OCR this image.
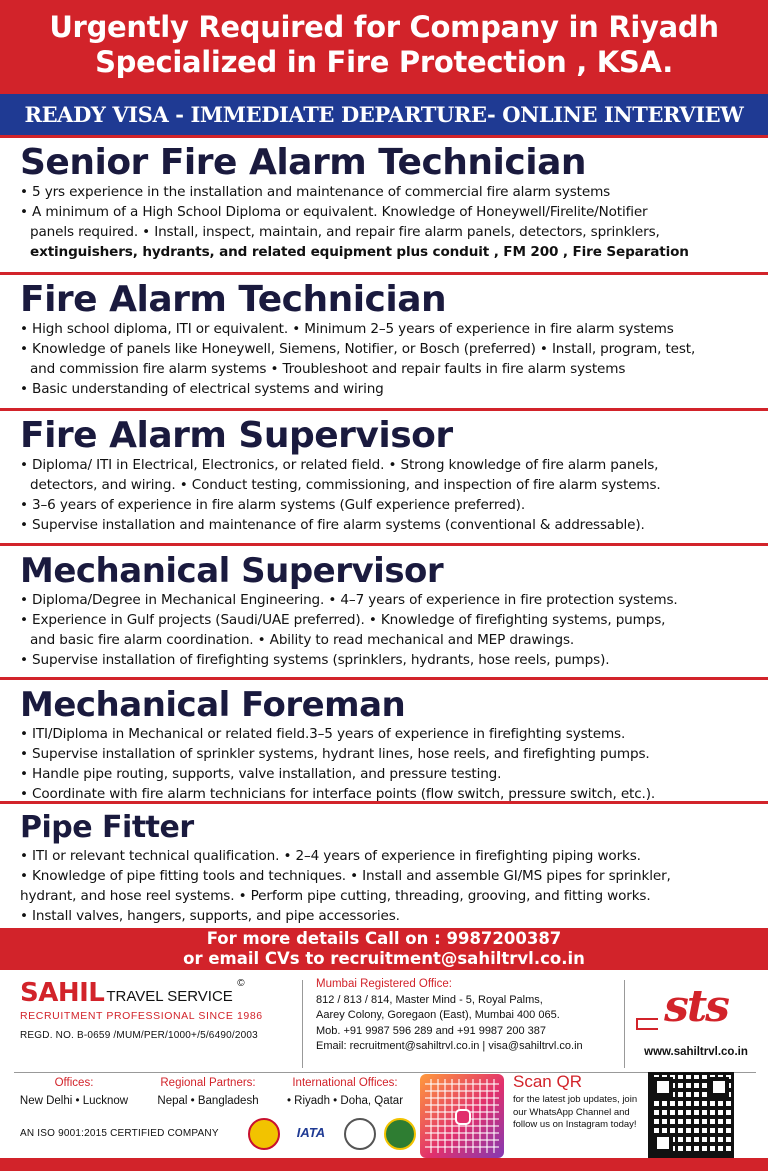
Urgently Required for Company in Riyadh
Specialized in Fire Protection , KSA.
READY VISA - IMMEDIATE DEPARTURE- ONLINE INTERVIEW
Senior Fire Alarm Technician
• 5 yrs experience in the installation and maintenance of commercial fire alarm systems
• A minimum of a High School Diploma or equivalent. Knowledge of Honeywell/Firelite/Notifier
panels required. • Install, inspect, maintain, and repair fire alarm panels, detectors, sprinklers,
extinguishers, hydrants, and related equipment plus conduit , FM 200 , Fire Separation
Fire Alarm Technician
• High school diploma, ITI or equivalent. • Minimum 2–5 years of experience in fire alarm systems
• Knowledge of panels like Honeywell, Siemens, Notifier, or Bosch (preferred) • Install, program, test,
and commission fire alarm systems • Troubleshoot and repair faults in fire alarm systems
• Basic understanding of electrical systems and wiring
Fire Alarm Supervisor
• Diploma/ ITI in Electrical, Electronics, or related field. • Strong knowledge of fire alarm panels,
detectors, and wiring. • Conduct testing, commissioning, and inspection of fire alarm systems.
• 3–6 years of experience in fire alarm systems (Gulf experience preferred).
• Supervise installation and maintenance of fire alarm systems (conventional & addressable).
Mechanical Supervisor
• Diploma/Degree in Mechanical Engineering. • 4–7 years of experience in fire protection systems.
• Experience in Gulf projects (Saudi/UAE preferred). • Knowledge of firefighting systems, pumps,
and basic fire alarm coordination. • Ability to read mechanical and MEP drawings.
• Supervise installation of firefighting systems (sprinklers, hydrants, hose reels, pumps).
Mechanical Foreman
• ITI/Diploma in Mechanical or related field.3–5 years of experience in firefighting systems.
• Supervise installation of sprinkler systems, hydrant lines, hose reels, and firefighting pumps.
• Handle pipe routing, supports, valve installation, and pressure testing.
• Coordinate with fire alarm technicians for interface points (flow switch, pressure switch, etc.).
Pipe Fitter
• ITI or relevant technical qualification. • 2–4 years of experience in firefighting piping works.
• Knowledge of pipe fitting tools and techniques. • Install and assemble GI/MS pipes for sprinkler,
hydrant, and hose reel systems. • Perform pipe cutting, threading, grooving, and fitting works.
• Install valves, hangers, supports, and pipe accessories.
For more details Call on : 9987200387
or email CVs to recruitment@sahiltrvl.co.in
SAHIL TRAVEL SERVICE ©
RECRUITMENT PROFESSIONAL SINCE 1986
REGD. NO. B-0659 /MUM/PER/1000+/5/6490/2003
Mumbai Registered Office:
812 / 813 / 814, Master Mind - 5, Royal Palms,
Aarey Colony, Goregaon (East), Mumbai 400 065.
Mob. +91 9987 596 289 and +91 9987 200 387
Email: recruitment@sahiltrvl.co.in | visa@sahiltrvl.co.in
sts
www.sahiltrvl.co.in
Offices:
New Delhi • Lucknow
Regional Partners:
Nepal • Bangladesh
International Offices:
• Riyadh • Doha, Qatar
AN ISO 9001:2015 CERTIFIED COMPANY	IATA
Scan QR
for the latest job updates, join our WhatsApp Channel and follow us on Instagram today!
